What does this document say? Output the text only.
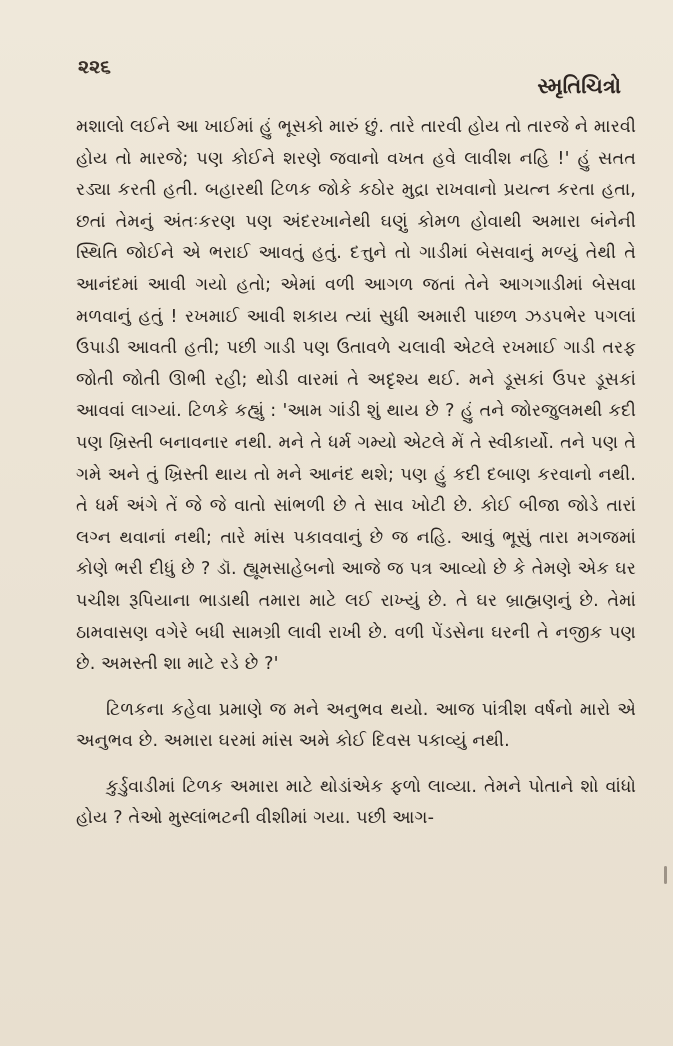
૨૨૬
સ્મૃતિચિત્રો

મશાલો લઈને આ ખાઈમાં હું ભૂસકો મારું છું. તારે તારવી હોય તો તારજે ને મારવી હોય તો મારજે; પણ કોઈને શરણે જવાનો વખત હવે લાવીશ નહિ !' હું સતત રડ્યા કરતી હતી. બહારથી ટિળક જોકે કઠોર મુદ્રા રાખવાનો પ્રયત્ન કરતા હતા, છતાં તેમનું અંતઃકરણ પણ અંદરખાનેથી ઘણું કોમળ હોવાથી અમારા બંનેની સ્થિતિ જોઈને એ ભરાઈ આવતું હતું. દત્તુને તો ગાડીમાં બેસવાનું મળ્યું તેથી તે આનંદમાં આવી ગયો હતો; એમાં વળી આગળ જતાં તેને આગગાડીમાં બેસવા મળવાનું હતું ! રખમાઈ આવી શકાય ત્યાં સુધી અમારી પાછળ ઝડપભેર પગલાં ઉપાડી આવતી હતી; પછી ગાડી પણ ઉતાવળે ચલાવી એટલે રખમાઈ ગાડી તરફ જોતી જોતી ઊભી રહી; થોડી વારમાં તે અદૃશ્ય થઈ. મને ડૂસકાં ઉપર ડૂસકાં આવવાં લાગ્યાં. ટિળકે કહ્યું : 'આમ ગાંડી શું થાય છે ? હું તને જોરજુલમથી કદી પણ ખ્રિસ્તી બનાવનાર નથી. મને તે ધર્મ ગમ્યો એટલે મેં તે સ્વીકાર્યો. તને પણ તે ગમે અને તું ખ્રિસ્તી થાય તો મને આનંદ થશે; પણ હું કદી દબાણ કરવાનો નથી. તે ધર્મ અંગે તેં જે જે વાતો સાંભળી છે તે સાવ ખોટી છે. કોઈ બીજા જોડે તારાં લગ્ન થવાનાં નથી; તારે માંસ પકાવવાનું છે જ નહિ. આવું ભૂસું તારા મગજમાં કોણે ભરી દીધું છે ? ડૉ. હ્યૂમસાહેબનો આજે જ પત્ર આવ્યો છે કે તેમણે એક ઘર પચીશ રૂપિયાના ભાડાથી તમારા માટે લઈ રાખ્યું છે. તે ઘર બ્રાહ્મણનું છે. તેમાં ઠામવાસણ વગેરે બધી સામગ્રી લાવી રાખી છે. વળી પેંડસેના ઘરની તે નજીક પણ છે. અમસ્તી શા માટે રડે છે ?'

ટિળકના કહેવા પ્રમાણે જ મને અનુભવ થયો. આજ પાંત્રીશ વર્ષનો મારો એ અનુભવ છે. અમારા ઘરમાં માંસ અમે કોઈ દિવસ પકાવ્યું નથી.

કુર્ડુવાડીમાં ટિળક અમારા માટે થોડાંએક ફળો લાવ્યા. તેમને પોતાને શો વાંધો હોય ? તેઓ મુસ્લાંભટની વીશીમાં ગયા. પછી આગ-
